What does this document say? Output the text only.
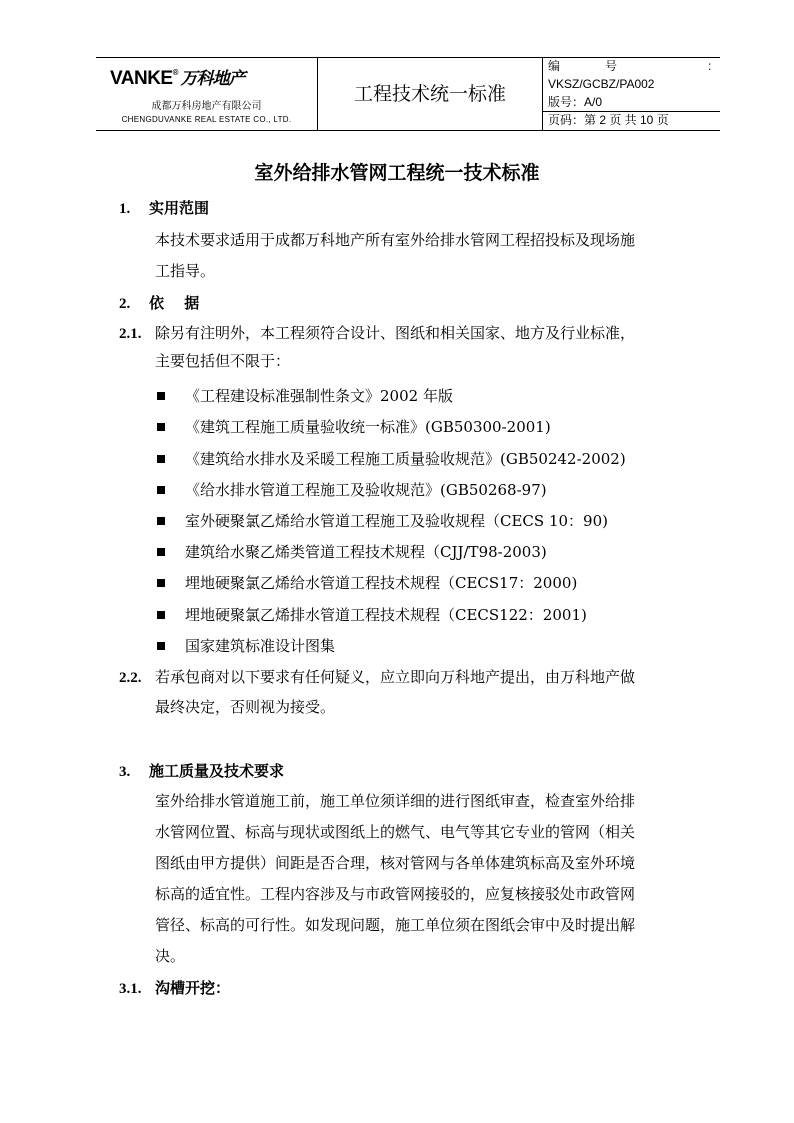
VANKE ® 万科地产
成都万科房地产有限公司
CHENGDUVANKE REAL ESTATE CO., LTD.
工程技术统一标准
编	号	:
VKSZ/GCBZ/PA002
版号：A/0
页码：第 2 页 共 10 页
室外给排水管网工程统一技术标准
1. 实用范围
本技术要求适用于成都万科地产所有室外给排水管网工程招投标及现场施
工指导。
2. 依　 据
2.1. 除另有注明外，本工程须符合设计、图纸和相关国家、地方及行业标准，
主要包括但不限于：
《工程建设标准强制性条文》2002 年版
《建筑工程施工质量验收统一标准》(GB50300-2001)
《建筑给水排水及采暖工程施工质量验收规范》(GB50242-2002)
《给水排水管道工程施工及验收规范》(GB50268-97)
室外硬聚氯乙烯给水管道工程施工及验收规程（CECS 10：90)
建筑给水聚乙烯类管道工程技术规程（CJJ/T98-2003)
埋地硬聚氯乙烯给水管道工程技术规程（CECS17：2000)
埋地硬聚氯乙烯排水管道工程技术规程（CECS122：2001)
国家建筑标准设计图集
2.2. 若承包商对以下要求有任何疑义，应立即向万科地产提出，由万科地产做
最终决定，否则视为接受。
3. 施工质量及技术要求
室外给排水管道施工前，施工单位须详细的进行图纸审查，检查室外给排
水管网位置、标高与现状或图纸上的燃气、电气等其它专业的管网（相关
图纸由甲方提供）间距是否合理，核对管网与各单体建筑标高及室外环境
标高的适宜性。工程内容涉及与市政管网接驳的，应复核接驳处市政管网
管径、标高的可行性。如发现问题，施工单位须在图纸会审中及时提出解
决。
3.1. 沟槽开挖：
